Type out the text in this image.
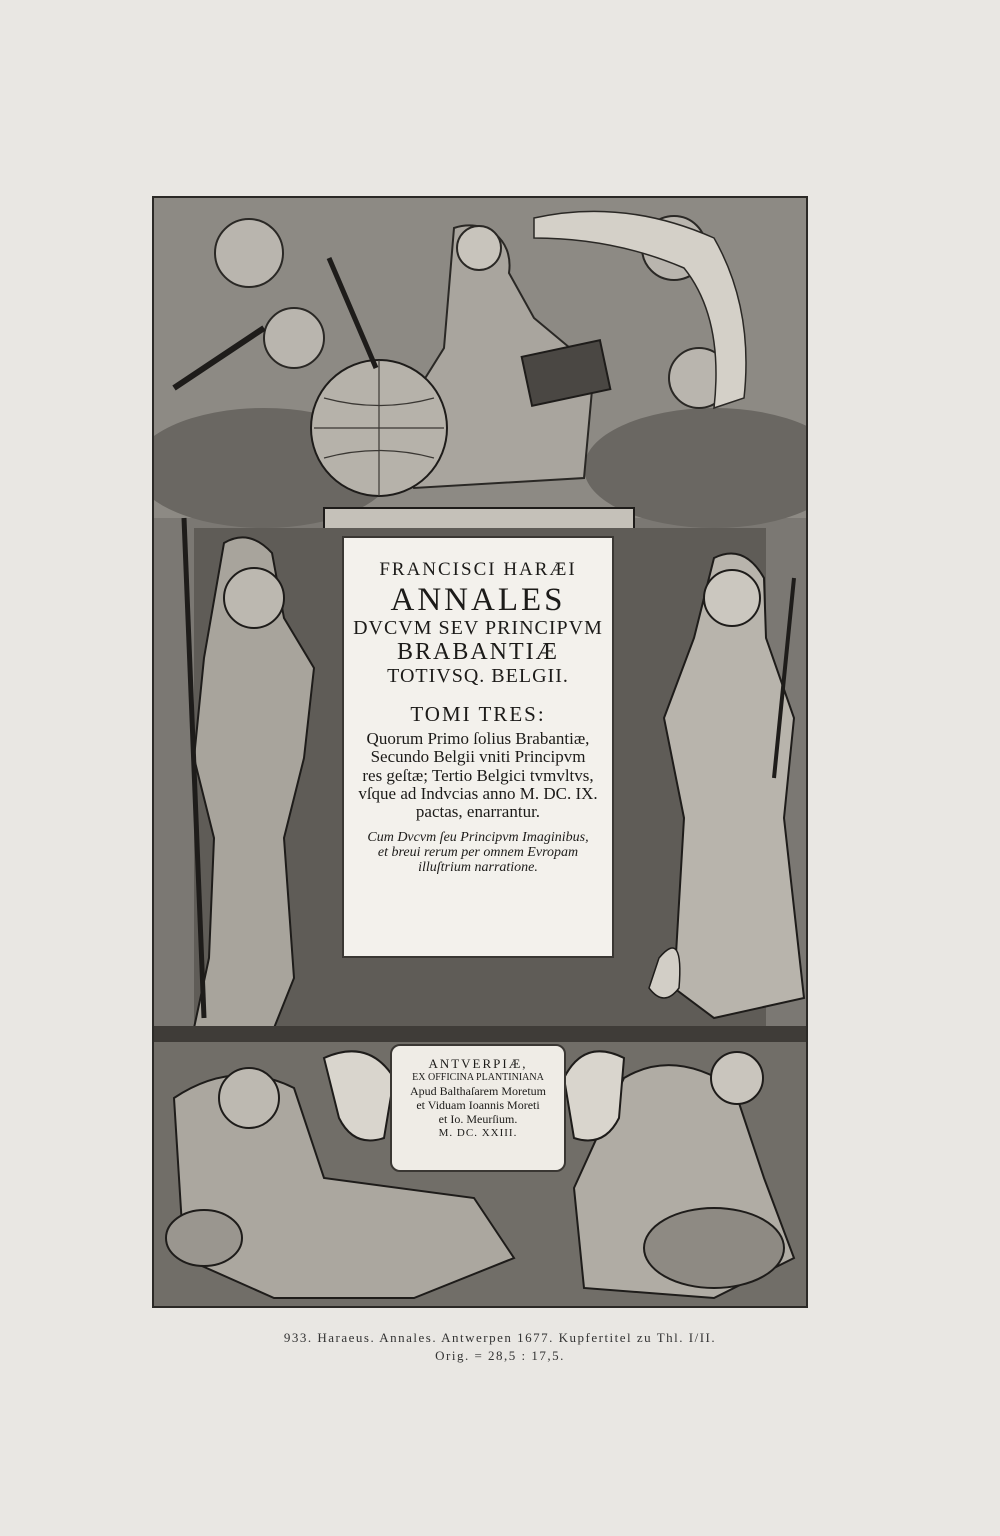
FRANCISCI HARÆI
ANNALES
DVCVM SEV PRINCIPVM
BRABANTIÆ
TOTIVSQ. BELGII.
TOMI TRES:
Quorum Primo ſolius Brabantiæ,
Secundo Belgii vniti Principvm
res geſtæ; Tertio Belgici tvmvltvs,
vſque ad Indvcias anno M. DC. IX.
pactas, enarrantur.
Cum Dvcvm ſeu Principvm Imaginibus,
et breui rerum per omnem Evropam
illuſtrium narratione.
ANTVERPIÆ,
EX OFFICINA PLANTINIANA
Apud Balthaſarem Moretum
et Viduam Ioannis Moreti
et Io. Meurſium.
M. DC. XXIII.
933. Haraeus. Annales. Antwerpen 1677. Kupfertitel zu Thl. I/II.
Orig. = 28,5 : 17,5.
